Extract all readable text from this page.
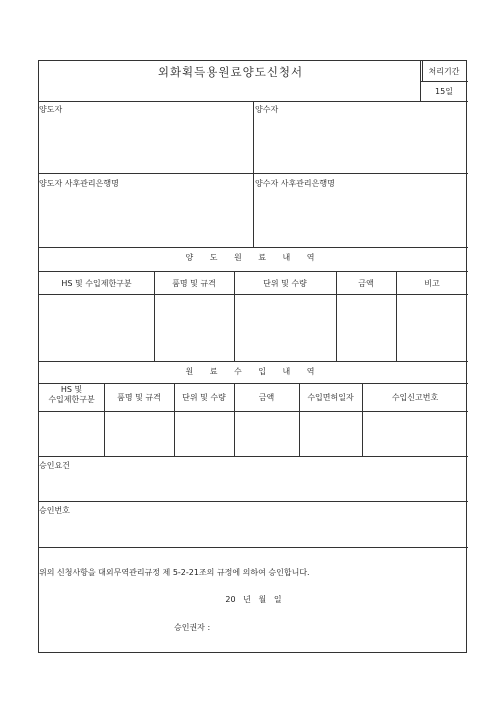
외화획득용원료양도신청서	처리기간
15일
양도자	양수자
양도자 사후관리은행명	양수자 사후관리은행명
양 도 원 료 내 역
HS 및 수입제한구분	품명 및 규격	단위 및 수량	금액	비고
원 료 수 입 내 역
HS 및
수입제한구분	품명 및 규격	단위 및 수량	금액	수입면허일자	수입신고번호
승인요건
승인번호
위의 신청사항을 대외무역관리규정 제 5-2-21조의 규정에 의하여 승인합니다.
20   년   월   일
승인권자 :
